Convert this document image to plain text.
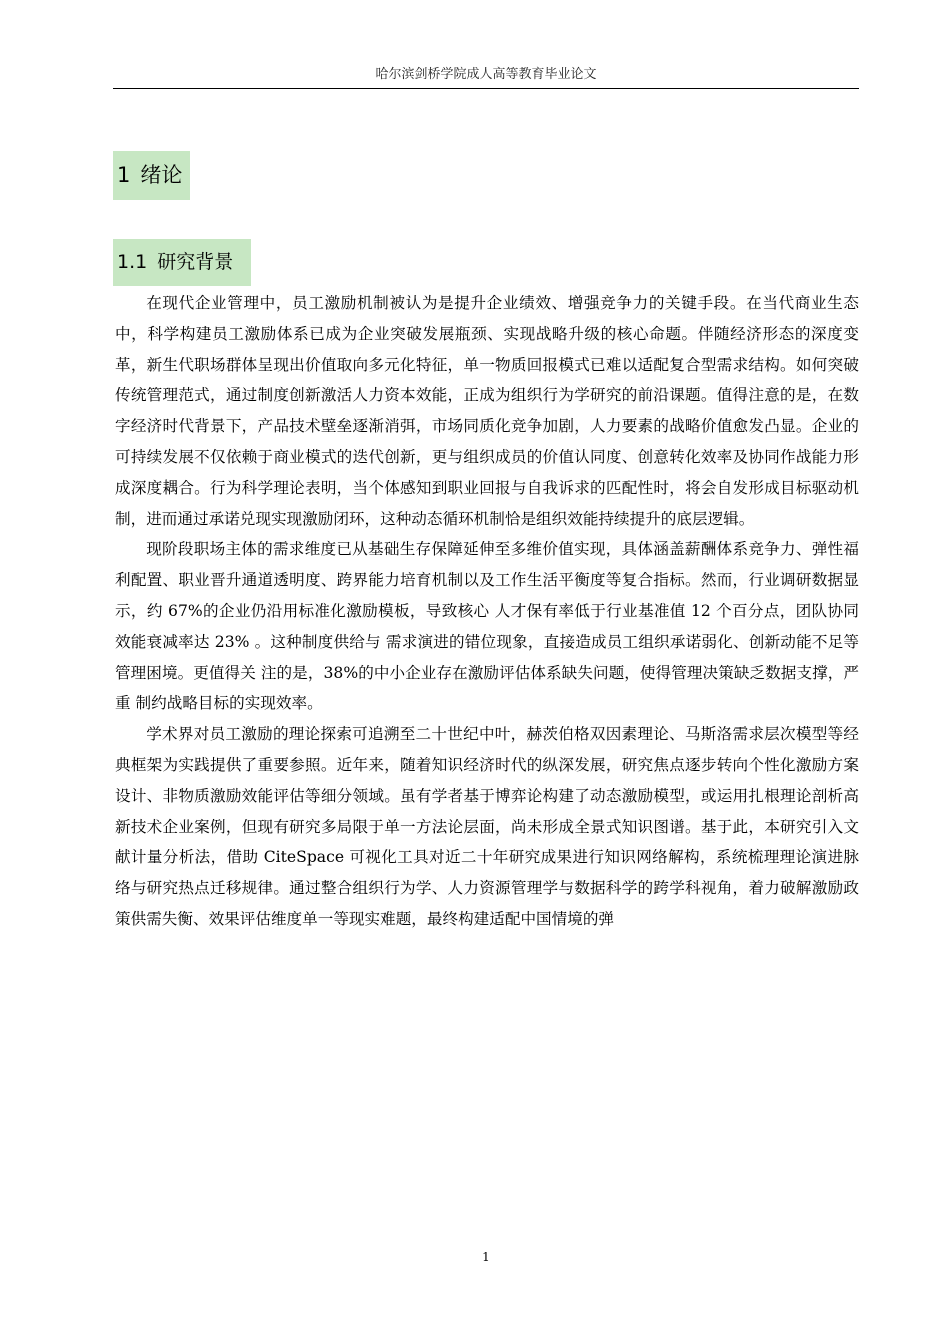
哈尔滨剑桥学院成人高等教育毕业论文
1 绪论
1.1 研究背景

在现代企业管理中，员工激励机制被认为是提升企业绩效、增强竞争力的关键手段。在当代商业生态中，科学构建员工激励体系已成为企业突破发展瓶颈、实现战略升级的核心命题。伴随经济形态的深度变革，新生代职场群体呈现出价值取向多元化特征，单一物质回报模式已难以适配复合型需求结构。如何突破传统管理范式，通过制度创新激活人力资本效能，正成为组织行为学研究的前沿课题。值得注意的是，在数字经济时代背景下，产品技术壁垒逐渐消弭，市场同质化竞争加剧，人力要素的战略价值愈发凸显。企业的可持续发展不仅依赖于商业模式的迭代创新，更与组织成员的价值认同度、创意转化效率及协同作战能力形成深度耦合。行为科学理论表明，当个体感知到职业回报与自我诉求的匹配性时，将会自发形成目标驱动机制，进而通过承诺兑现实现激励闭环，这种动态循环机制恰是组织效能持续提升的底层逻辑。

现阶段职场主体的需求维度已从基础生存保障延伸至多维价值实现，具体涵盖薪酬体系竞争力、弹性福利配置、职业晋升通道透明度、跨界能力培育机制以及工作生活平衡度等复合指标。然而，行业调研数据显示，约 67%的企业仍沿用标准化激励模板，导致核心 人才保有率低于行业基准值 12 个百分点，团队协同效能衰减率达 23% 。这种制度供给与 需求演进的错位现象，直接造成员工组织承诺弱化、创新动能不足等管理困境。更值得关 注的是，38%的中小企业存在激励评估体系缺失问题，使得管理决策缺乏数据支撑，严重 制约战略目标的实现效率。

学术界对员工激励的理论探索可追溯至二十世纪中叶，赫茨伯格双因素理论、马斯洛需求层次模型等经典框架为实践提供了重要参照。近年来，随着知识经济时代的纵深发展，研究焦点逐步转向个性化激励方案设计、非物质激励效能评估等细分领域。虽有学者基于博弈论构建了动态激励模型，或运用扎根理论剖析高新技术企业案例，但现有研究多局限于单一方法论层面，尚未形成全景式知识图谱。基于此，本研究引入文献计量分析法，借助 CiteSpace 可视化工具对近二十年研究成果进行知识网络解构，系统梳理理论演进脉络与研究热点迁移规律。通过整合组织行为学、人力资源管理学与数据科学的跨学科视角，着力破解激励政策供需失衡、效果评估维度单一等现实难题，最终构建适配中国情境的弹

1
